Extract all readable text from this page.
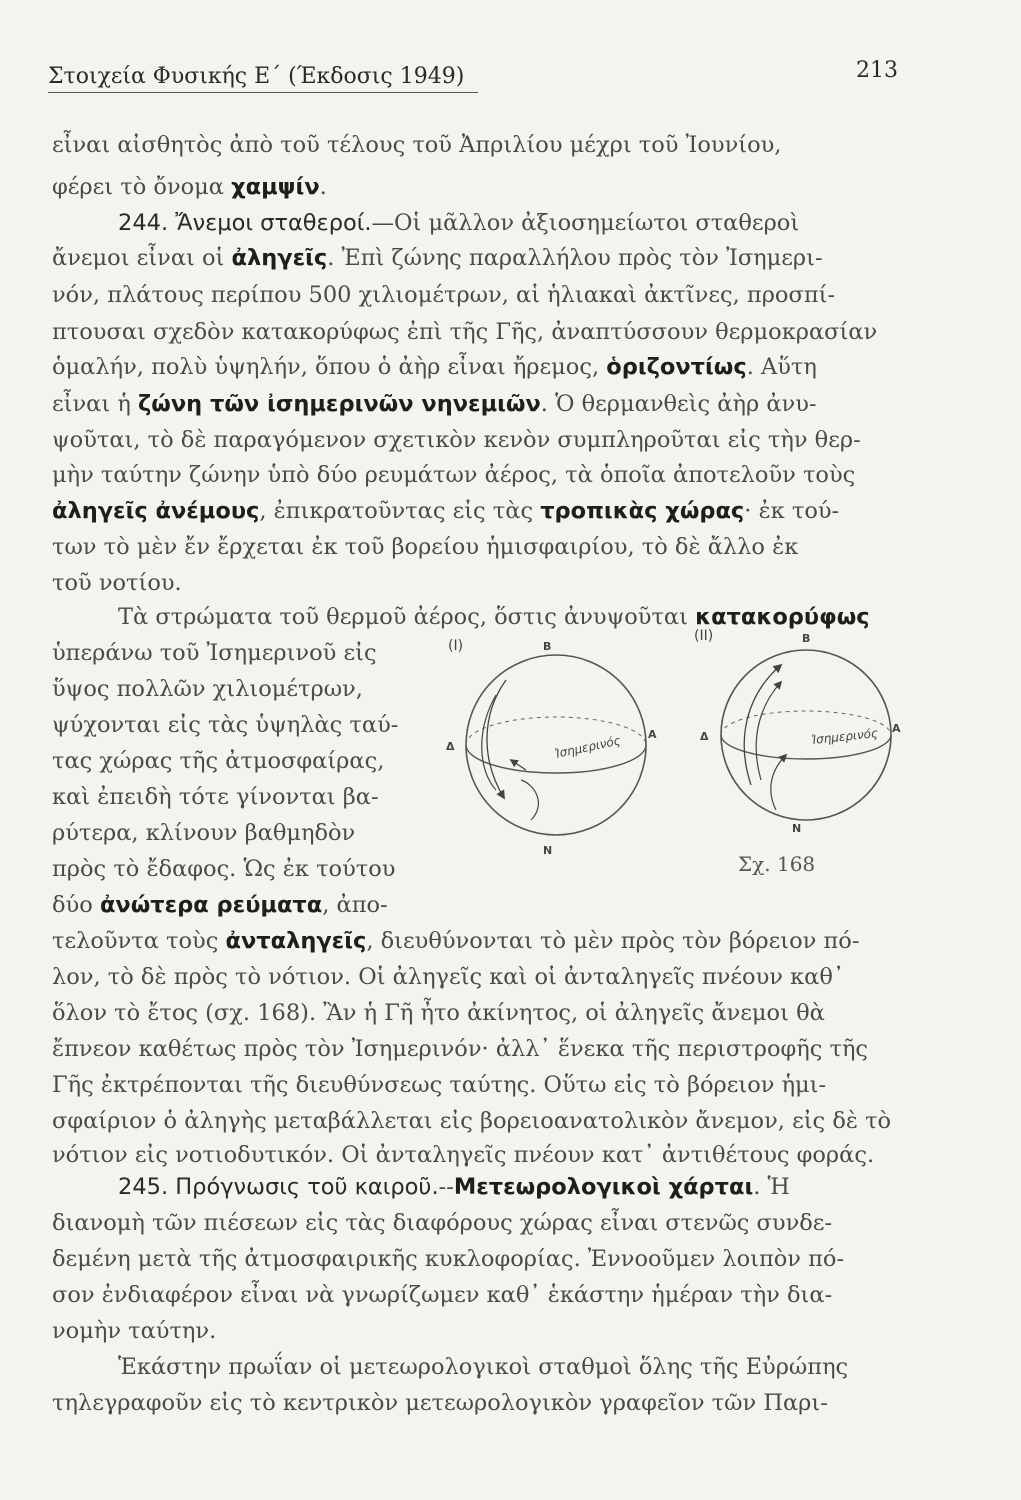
Στοιχεία Φυσικής Ε΄ (Έκδοσις 1949)	213
εἶναι αἰσθητὸς ἀπὸ τοῦ τέλους τοῦ Ἀπριλίου μέχρι τοῦ Ἰουνίου,
φέρει τὸ ὄνομα χαμψίν.
244. Ἄνεμοι σταθεροί.—Οἱ μᾶλλον ἀξιοσημείωτοι σταθεροὶ
ἄνεμοι εἶναι οἱ ἀληγεῖς. Ἐπὶ ζώνης παραλλήλου πρὸς τὸν Ἰσημερι-
νόν, πλάτους περίπου 500 χιλιομέτρων, αἱ ἡλιακαὶ ἀκτῖνες, προσπί-
πτουσαι σχεδὸν κατακορύφως ἐπὶ τῆς Γῆς, ἀναπτύσσουν θερμοκρασίαν
ὁμαλήν, πολὺ ὑψηλήν, ὅπου ὁ ἀὴρ εἶναι ἤρεμος, ὁριζοντίως. Αὕτη
εἶναι ἡ ζώνη τῶν ἰσημερινῶν νηνεμιῶν. Ὁ θερμανθεὶς ἀὴρ ἀνυ-
ψοῦται, τὸ δὲ παραγόμενον σχετικὸν κενὸν συμπληροῦται εἰς τὴν θερ-
μὴν ταύτην ζώνην ὑπὸ δύο ρευμάτων ἀέρος, τὰ ὁποῖα ἀποτελοῦν τοὺς
ἀληγεῖς ἀνέμους, ἐπικρατοῦντας εἰς τὰς τροπικὰς χώρας· ἐκ τού-
των τὸ μὲν ἔν ἔρχεται ἐκ τοῦ βορείου ἡμισφαιρίου, τὸ δὲ ἄλλο ἐκ
τοῦ νοτίου.
Τὰ στρώματα τοῦ θερμοῦ ἀέρος, ὅστις ἀνυψοῦται κατακορύφως
ὑπεράνω τοῦ Ἰσημερινοῦ εἰς
ὕψος πολλῶν χιλιομέτρων,
ψύχονται εἰς τὰς ὑψηλὰς ταύ-
τας χώρας τῆς ἀτμοσφαίρας,
καὶ ἐπειδὴ τότε γίνονται βα-
ρύτερα, κλίνουν βαθμηδὸν
πρὸς τὸ ἔδαφος. Ὡς ἐκ τούτου
δύο ἀνώτερα ρεύματα, ἀπο-
τελοῦντα τοὺς ἀνταληγεῖς, διευθύνονται τὸ μὲν πρὸς τὸν βόρειον πό-
λον, τὸ δὲ πρὸς τὸ νότιον. Οἱ ἀληγεῖς καὶ οἱ ἀνταληγεῖς πνέουν καθ᾽
ὅλον τὸ ἔτος (σχ. 168). Ἂν ἡ Γῆ ἦτο ἀκίνητος, οἱ ἀληγεῖς ἄνεμοι θὰ
ἔπνεον καθέτως πρὸς τὸν Ἰσημερινόν· ἀλλ᾽ ἕνεκα τῆς περιστροφῆς τῆς
Γῆς ἐκτρέπονται τῆς διευθύνσεως ταύτης. Οὕτω εἰς τὸ βόρειον ἡμι-
σφαίριον ὁ ἀληγὴς μεταβάλλεται εἰς βορειοανατολικὸν ἄνεμον, εἰς δὲ τὸ
νότιον εἰς νοτιοδυτικόν. Οἱ ἀνταληγεῖς πνέουν κατ᾽ ἀντιθέτους φοράς.
245. Πρόγνωσις τοῦ καιροῦ.--Μετεωρολογικοὶ χάρται. Ἡ
διανομὴ τῶν πιέσεων εἰς τὰς διαφόρους χώρας εἶναι στενῶς συνδε-
δεμένη μετὰ τῆς ἀτμοσφαιρικῆς κυκλοφορίας. Ἐννοοῦμεν λοιπὸν πό-
σον ἐνδιαφέρον εἶναι νὰ γνωρίζωμεν καθ᾽ ἑκάστην ἡμέραν τὴν δια-
νομὴν ταύτην.
Ἑκάστην πρωΐαν οἱ μετεωρολογικοὶ σταθμοὶ ὅλης τῆς Εὐρώπης
τηλεγραφοῦν εἰς τὸ κεντρικὸν μετεωρολογικὸν γραφεῖον τῶν Παρι-
(I)	B
N
Δ
A
Ἰσημερινός
(II)	B
N
Δ
A
Ἰσημερινός
Σχ. 168
